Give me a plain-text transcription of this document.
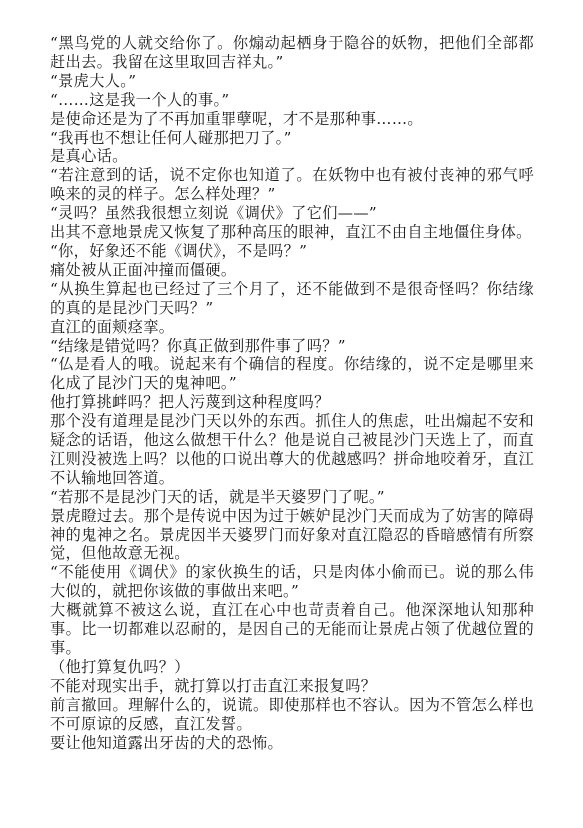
“黑鸟党的人就交给你了。你煽动起栖身于隐谷的妖物，把他们全部都赶出去。我留在这里取回吉祥丸。”

“景虎大人。”

“……这是我一个人的事。”

是使命还是为了不再加重罪孽呢，才不是那种事……。

“我再也不想让任何人碰那把刀了。”

是真心话。

“若注意到的话，说不定你也知道了。在妖物中也有被付丧神的邪气呼唤来的灵的样子。怎么样处理？”

“灵吗？虽然我很想立刻说《调伏》了它们——”

出其不意地景虎又恢复了那种高压的眼神，直江不由自主地僵住身体。

“你，好象还不能《调伏》，不是吗？”

痛处被从正面冲撞而僵硬。

“从换生算起也已经过了三个月了，还不能做到不是很奇怪吗？你结缘的真的是昆沙门天吗？”

直江的面颊痉挛。

“结缘是错觉吗？你真正做到那件事了吗？”

“仏是看人的哦。说起来有个确信的程度。你结缘的，说不定是哪里来化成了昆沙门天的鬼神吧。”

他打算挑衅吗？把人污蔑到这种程度吗？

那个没有道理是昆沙门天以外的东西。抓住人的焦虑，吐出煽起不安和疑念的话语，他这么做想干什么？他是说自己被昆沙门天选上了，而直江则没被选上吗？以他的口说出尊大的优越感吗？拼命地咬着牙，直江不认输地回答道。

“若那不是昆沙门天的话，就是半天婆罗门了呢。”

景虎瞪过去。那个是传说中因为过于嫉妒昆沙门天而成为了妨害的障碍神的鬼神之名。景虎因半天婆罗门而好象对直江隐忍的昏暗感情有所察觉，但他故意无视。

“不能使用《调伏》的家伙换生的话，只是肉体小偷而已。说的那么伟大似的，就把你该做的事做出来吧。”

大概就算不被这么说，直江在心中也苛责着自己。他深深地认知那种事。比一切都难以忍耐的，是因自己的无能而让景虎占领了优越位置的事。

（他打算复仇吗？）

不能对现实出手，就打算以打击直江来报复吗？

前言撤回。理解什么的，说谎。即使那样也不容认。因为不管怎么样也不可原谅的反感，直江发誓。

要让他知道露出牙齿的犬的恐怖。
